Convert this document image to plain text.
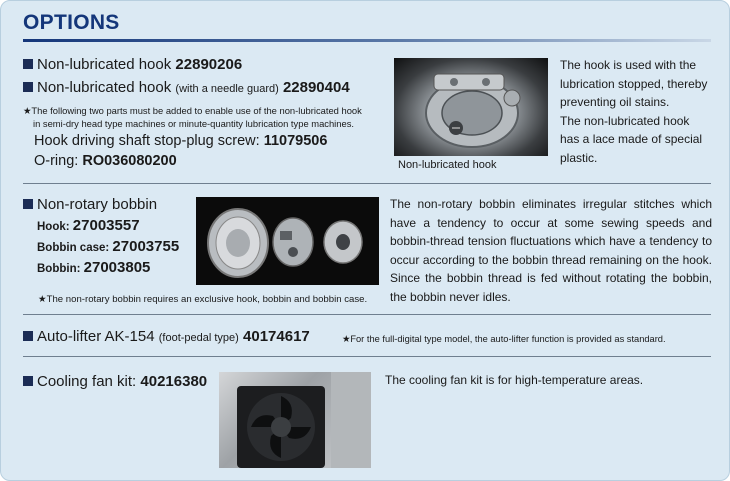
OPTIONS
Non-lubricated hook 22890206
Non-lubricated hook (with a needle guard) 22890404
★The following two parts must be added to enable use of the non-lubricated hook
in semi-dry head type machines or minute-quantity lubrication type machines.
Hook driving shaft stop-plug screw: 11079506
O-ring: RO036080200	Non-lubricated hook

The hook is used with the lubrication stopped, thereby preventing oil stains.

The non-lubricated hook has a lace made of special plastic.

Non-rotary bobbin
Hook: 27003557
Bobbin case: 27003755
Bobbin: 27003805
★The non-rotary bobbin requires an exclusive hook, bobbin and bobbin case.
The non-rotary bobbin eliminates irregular stitches which have a tendency to occur at some sewing speeds and bobbin-thread tension fluctuations which have a tendency to occur according to the bobbin thread remaining on the hook. Since the bobbin thread is fed without rotating the bobbin, the bobbin never idles.
Auto-lifter AK-154 (foot-pedal type) 40174617	★For the full-digital type model, the auto-lifter function is provided as standard.
Cooling fan kit: 40216380	The cooling fan kit is for high-temperature areas.
